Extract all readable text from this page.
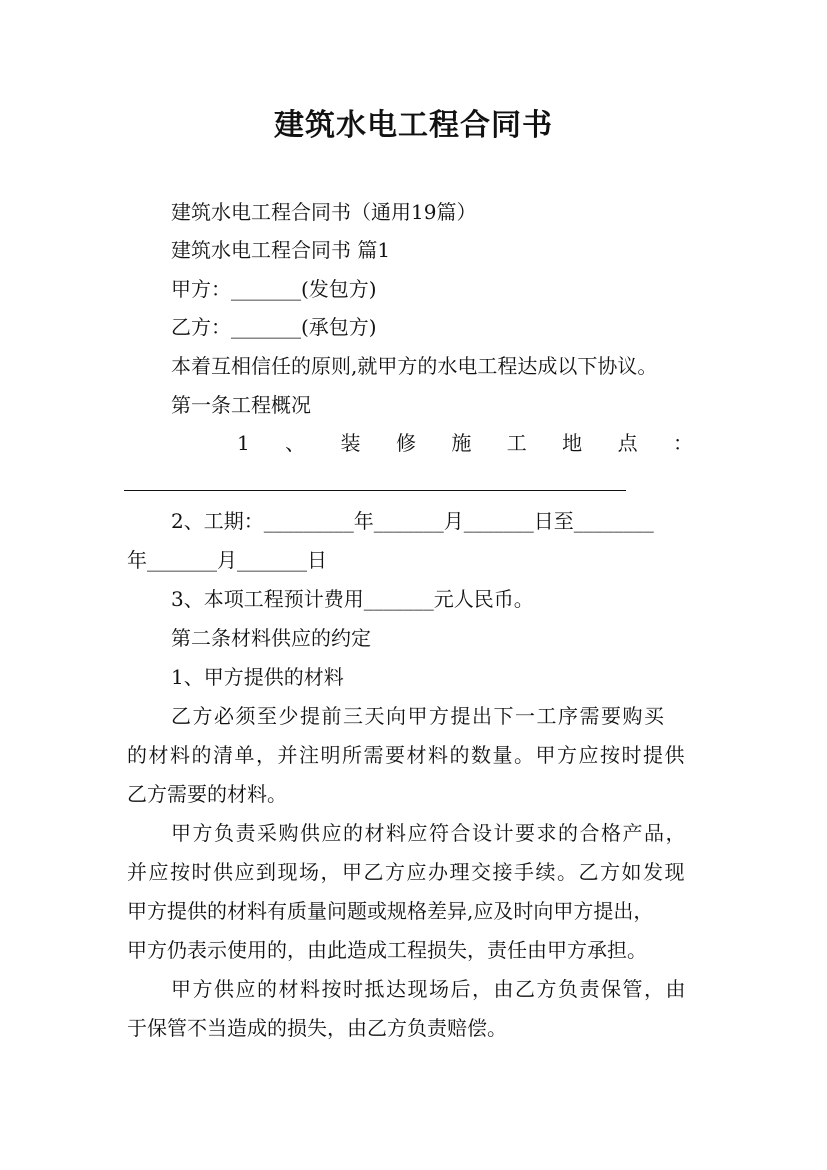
建筑水电工程合同书
建筑水电工程合同书（通用19篇）
建筑水电工程合同书 篇1
甲方：_______(发包方)
乙方：_______(承包方)
本着互相信任的原则,就甲方的水电工程达成以下协议。
第一条工程概况
1 、 装 修 施 工 地 点 ：
2、工期：_________年_______月_______日至________
年_______月_______日
3、本项工程预计费用_______元人民币。
第二条材料供应的约定
1、甲方提供的材料
乙方必须至少提前三天向甲方提出下一工序需要购买
的材料的清单，并注明所需要材料的数量。甲方应按时提供
乙方需要的材料。
甲方负责采购供应的材料应符合设计要求的合格产品，
并应按时供应到现场，甲乙方应办理交接手续。乙方如发现
甲方提供的材料有质量问题或规格差异,应及时向甲方提出，
甲方仍表示使用的，由此造成工程损失，责任由甲方承担。
甲方供应的材料按时抵达现场后，由乙方负责保管，由
于保管不当造成的损失，由乙方负责赔偿。
